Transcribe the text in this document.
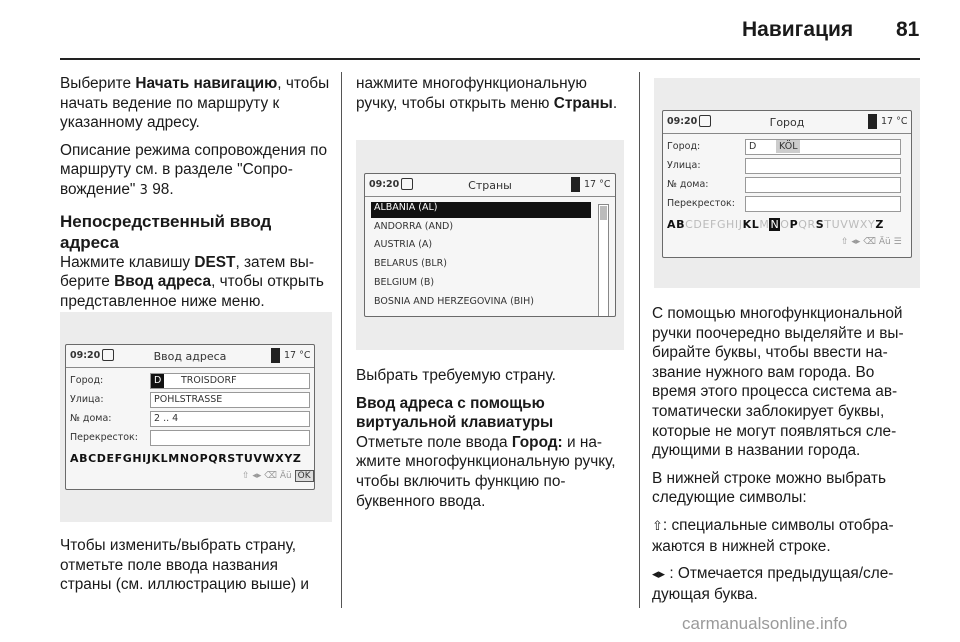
Навигация 81

Выберите Начать навигацию, чтобы начать ведение по маршруту к указанному адресу.

Описание режима сопровождения по маршруту см. в разделе "Сопровождение" 3 98.

Непосредственный ввод адреса

Нажмите клавишу DEST, затем выберите Ввод адреса, чтобы открыть представленное ниже меню.

09:20	Ввод адреса	17 °C
Город:	D	TROISDORF
Улица:	POHLSTRASSE
№ дома:	2 .. 4
Перекресток:
ABCDEFGHIJKLMNOPQRSTUVWXYZ
⇧ ◂▸ ⌫ Äü OK

Чтобы изменить/выбрать страну, отметьте поле ввода названия страны (см. иллюстрацию выше) и

нажмите многофункциональную ручку, чтобы открыть меню Страны.

09:20	Страны	17 °C
ALBANIA (AL)
ANDORRA (AND)
AUSTRIA (A)
BELARUS (BLR)
BELGIUM (B)
BOSNIA AND HERZEGOVINA (BIH)

Выбрать требуемую страну.

Ввод адреса с помощью виртуальной клавиатуры

Отметьте поле ввода Город: и нажмите многофункциональную ручку, чтобы включить функцию побуквенного ввода.

09:20	Город	17 °C
Город:	D	KÖL
Улица:
№ дома:
Перекресток:
ABCDEFGHIJKLMNOPQRSTUVWXYZ
⇧ ◂▸ ⌫ Äü ☰

С помощью многофункциональной ручки поочередно выделяйте и выбирайте буквы, чтобы ввести название нужного вам города. Во время этого процесса система автоматически заблокирует буквы, которые не могут появляться следующими в названии города.

В нижней строке можно выбрать следующие символы:

⇧: специальные символы отображаются в нижней строке.

◂▸ : Отмечается предыдущая/следующая буква.

carmanualsonline.info
